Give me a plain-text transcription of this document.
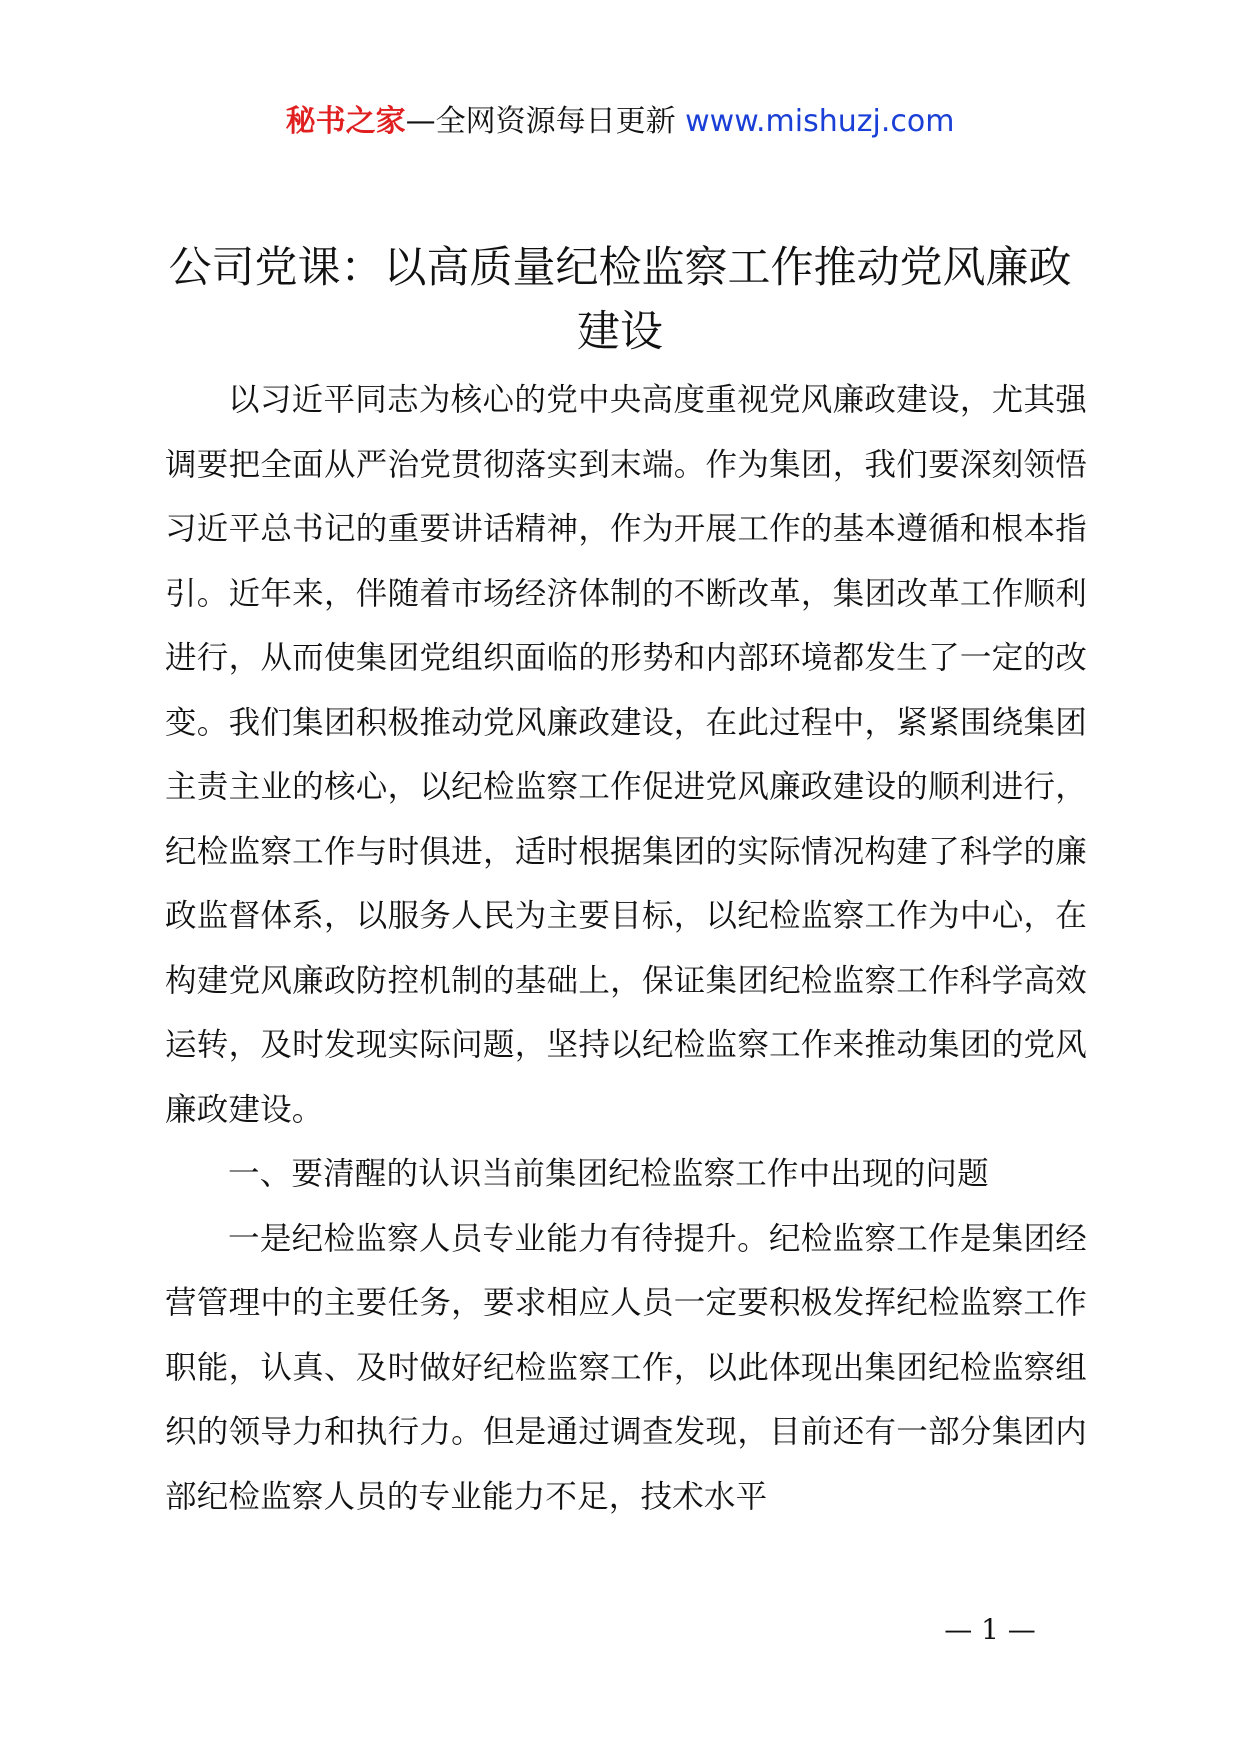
秘书之家—全网资源每日更新 www.mishuzj.com
公司党课：以高质量纪检监察工作推动党风廉政建设

以习近平同志为核心的党中央高度重视党风廉政建设，尤其强调要把全面从严治党贯彻落实到末端。作为集团，我们要深刻领悟习近平总书记的重要讲话精神，作为开展工作的基本遵循和根本指引。近年来，伴随着市场经济体制的不断改革，集团改革工作顺利进行，从而使集团党组织面临的形势和内部环境都发生了一定的改变。我们集团积极推动党风廉政建设，在此过程中，紧紧围绕集团主责主业的核心，以纪检监察工作促进党风廉政建设的顺利进行，纪检监察工作与时俱进，适时根据集团的实际情况构建了科学的廉政监督体系，以服务人民为主要目标，以纪检监察工作为中心，在构建党风廉政防控机制的基础上，保证集团纪检监察工作科学高效运转，及时发现实际问题，坚持以纪检监察工作来推动集团的党风廉政建设。

一、要清醒的认识当前集团纪检监察工作中出现的问题

一是纪检监察人员专业能力有待提升。纪检监察工作是集团经营管理中的主要任务，要求相应人员一定要积极发挥纪检监察工作职能，认真、及时做好纪检监察工作，以此体现出集团纪检监察组织的领导力和执行力。但是通过调查发现，目前还有一部分集团内部纪检监察人员的专业能力不足，技术水平

— 1 —
